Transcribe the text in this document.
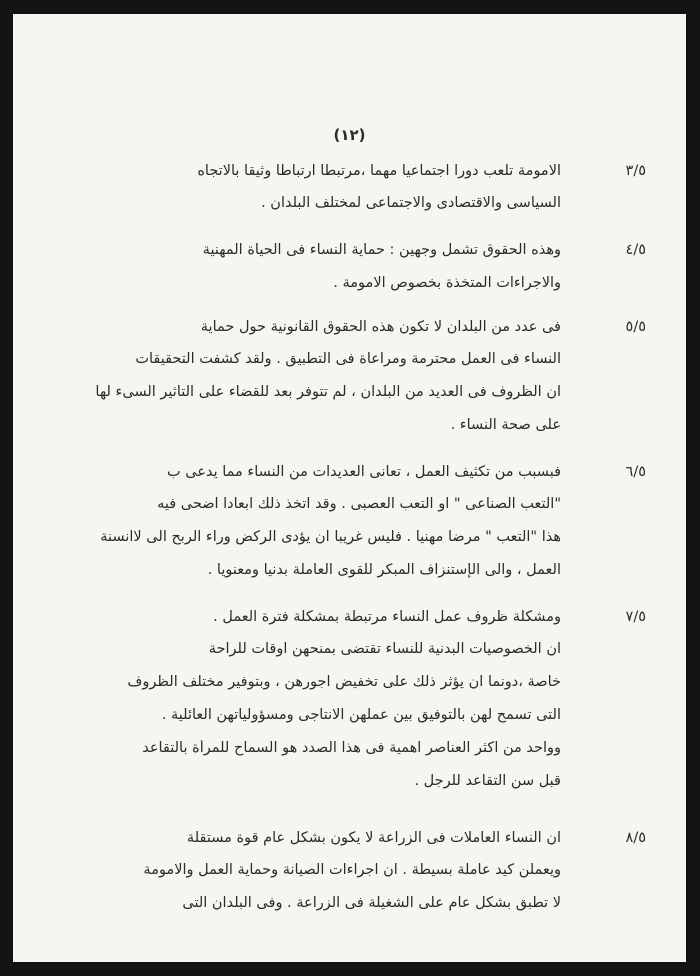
(١٢)
٣/٥
الامومة تلعب دورا اجتماعيا مهما ،مرتبطا ارتباطا وثيقا بالاتجاه
السياسى والاقتصادى والاجتماعى لمختلف البلدان .
٤/٥
وهذه الحقوق تشمل وجهين : حماية النساء فى الحياة المهنية
والاجراءات المتخذة بخصوص الامومة .
٥/٥
فى عدد من البلدان لا تكون هذه الحقوق القانونية حول حماية
النساء فى العمل محترمة ومراعاة فى التطبيق . ولقد كشفت التحقيقات
ان الظروف فى العديد من البلدان ، لم تتوفر بعد للقضاء على التاثير السىء لها
على صحة النساء .
٦/٥
فبسبب من تكثيف العمل ، تعانى العديدات من النساء مما يدعى ب
"التعب الصناعى " او التعب العصبى . وقد اتخذ ذلك ابعادا اضحى فيه
هذا "التعب " مرضا مهنيا . فليس غريبا ان يؤدى الركض وراء الربح الى لاانسنة
العمل ، والى الإستنزاف المبكر للقوى العاملة بدنيا ومعنويا .
٧/٥
ومشكلة ظروف عمل النساء مرتبطة بمشكلة فترة العمل .
ان الخصوصيات البدنية للنساء تقتضى بمنحهن اوقات للراحة
خاصة ،دونما ان يؤثر ذلك على تخفيض اجورهن ، وبتوفير مختلف الظروف
التى تسمح لهن بالتوفيق بين عملهن الانتاجى ومسؤولياتهن العائلية .
وواحد من اكثر العناصر اهمية فى هذا الصدد هو السماح للمرأة بالتقاعد
قبل سن التقاعد للرجل .
٨/٥
ان النساء العاملات فى الزراعة لا يكون بشكل عام قوة مستقلة
ويعملن كيد عاملة بسيطة . ان اجراءات الصيانة وحماية العمل والامومة
لا تطبق بشكل عام على الشغيلة فى الزراعة . وفى البلدان التى
